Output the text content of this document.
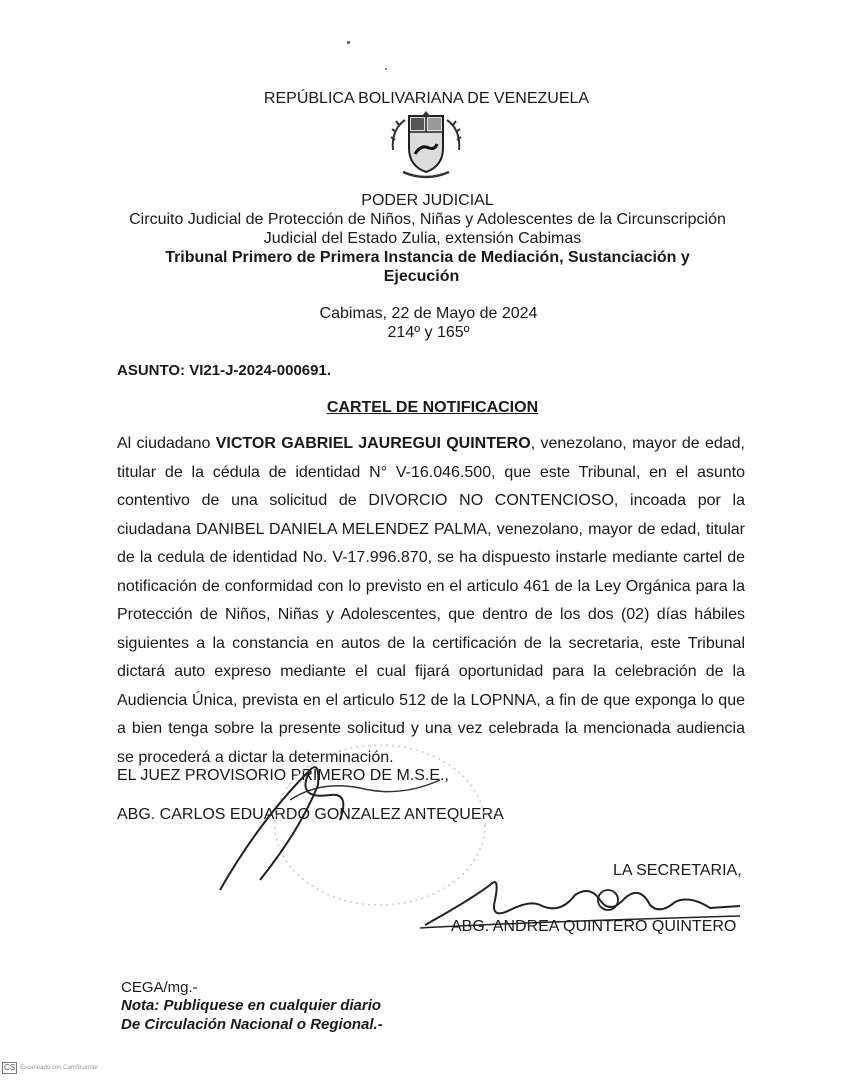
REPÚBLICA BOLIVARIANA DE VENEZUELA
PODER JUDICIAL
Circuito Judicial de Protección de Niños, Niñas y Adolescentes de la Circunscripción
Judicial del Estado Zulia, extensión Cabimas
Tribunal Primero de Primera Instancia de Mediación, Sustanciación y
Ejecución
Cabimas, 22 de Mayo de 2024
214º y 165º
ASUNTO: VI21-J-2024-000691.
CARTEL DE NOTIFICACION

Al ciudadano VICTOR GABRIEL JAUREGUI QUINTERO, venezolano, mayor de edad, titular de la cédula de identidad N° V-16.046.500, que este Tribunal, en el asunto contentivo de una solicitud de DIVORCIO NO CONTENCIOSO, incoada por la ciudadana DANIBEL DANIELA MELENDEZ PALMA, venezolano, mayor de edad, titular de la cedula de identidad No. V-17.996.870, se ha dispuesto instarle mediante cartel de notificación de conformidad con lo previsto en el articulo 461 de la Ley Orgánica para la Protección de Niños, Niñas y Adolescentes, que dentro de los dos (02) días hábiles siguientes a la constancia en autos de la certificación de la secretaria, este Tribunal dictará auto expreso mediante el cual fijará oportunidad para la celebración de la Audiencia Única, prevista en el articulo 512 de la LOPNNA, a fin de que exponga lo que a bien tenga sobre la presente solicitud y una vez celebrada la mencionada audiencia se procederá a dictar la determinación.

EL JUEZ PROVISORIO PRIMERO DE M.S.E.,
ABG. CARLOS EDUARDO GONZALEZ ANTEQUERA
LA SECRETARIA,
ABG. ANDREA QUINTERO QUINTERO
CEGA/mg.-
Nota: Publiquese en cualquier diario
De Circulación Nacional o Regional.-
CS Escaneado con CamScanner
